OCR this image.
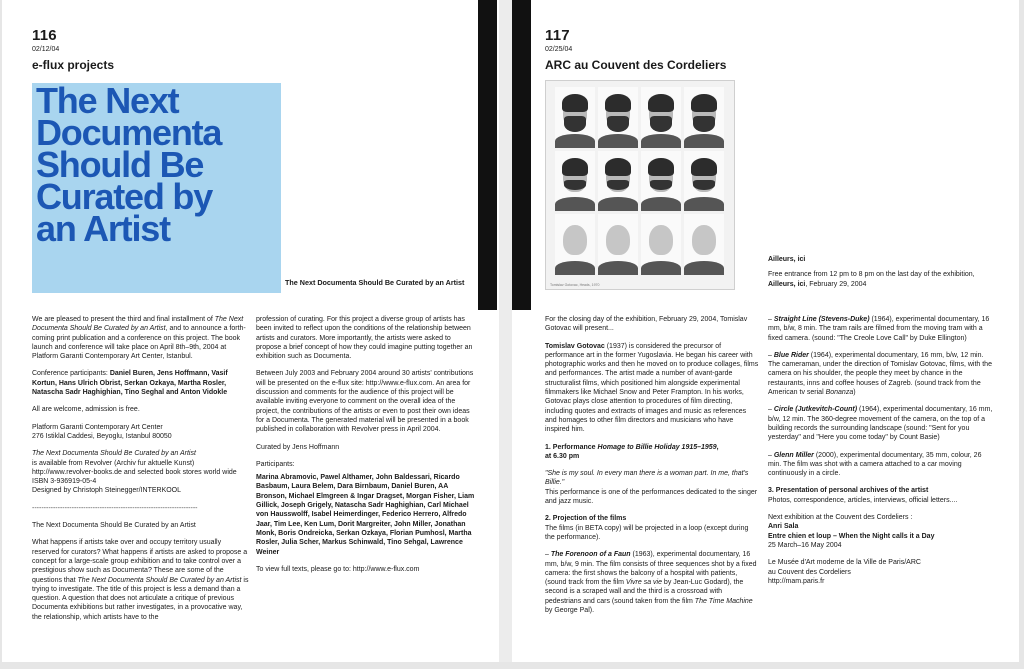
116
02/12/04
e-flux projects
The Next
Documenta
Should Be
Curated by
an Artist
The Next Documenta Should Be Curated by an Artist

We are pleased to present the third and final installment of The Next Documenta Should Be Curated by an Artist, and to announce a forth-coming print publication and a conference on this project. The book launch and conference will take place on April 8th–9th, 2004 at Platform Garanti Contemporary Art Center, Istanbul.

Conference participants: Daniel Buren, Jens Hoffmann, Vasif Kortun, Hans Ulrich Obrist, Serkan Ozkaya, Martha Rosler, Natascha Sadr Haghighian, Tino Seghal and Anton Vidokle

All are welcome, admission is free.

Platform Garanti Contemporary Art Center
276 Istiklal Caddesi, Beyoglu, Istanbul 80050

The Next Documenta Should Be Curated by an Artist
is available from Revolver (Archiv fur aktuelle Kunst)
http://www.revolver-books.de and selected book stores world wide
ISBN 3-936919-05-4
Designed by Christoph Steinegger/INTERKOOL

-----------------------------------------------------------------------

The Next Documenta Should Be Curated by an Artist

What happens if artists take over and occupy territory usually reserved for curators? What happens if artists are asked to propose a concept for a large-scale group exhibition and to take control over a prestigious show such as Documenta? These are some of the questions that The Next Documenta Should Be Curated by an Artist is trying to investigate. The title of this project is less a demand than a question. A question that does not articulate a critique of previous Documenta exhibitions but rather investigates, in a provocative way, the relationship, which artists have to the

profession of curating. For this project a diverse group of artists has been invited to reflect upon the conditions of the relationship between artists and curators. More importantly, the artists were asked to propose a brief concept of how they could imagine putting together an exhibition such as Documenta.

Between July 2003 and February 2004 around 30 artists' contributions will be presented on the e-flux site: http://www.e-flux.com. An area for discussion and comments for the audience of this project will be available inviting everyone to comment on the overall idea of the project, the contributions of the artists or even to post their own ideas for a Documenta. The generated material will be presented in a book published in collaboration with Revolver press in April 2004.

Curated by Jens Hoffmann

Participants:

Marina Abramovic, Pawel Althamer, John Baldessari, Ricardo Basbaum, Laura Belem, Dara Birnbaum, Daniel Buren, AA Bronson, Michael Elmgreen & Ingar Dragset, Morgan Fisher, Liam Gillick, Joseph Grigely, Natascha Sadr Haghighian, Carl Michael von Hausswolff, Isabel Heimerdinger, Federico Herrero, Alfredo Jaar, Tim Lee, Ken Lum, Dorit Margreiter, John Miller, Jonathan Monk, Boris Ondreicka, Serkan Ozkaya, Florian Pumhosl, Martha Rosler, Julia Scher, Markus Schinwald, Tino Sehgal, Lawrence Weiner

To view full texts, please go to: http://www.e-flux.com

117
02/25/04
ARC au Couvent des Cordeliers
Tomislav Gotovac, Heads, 1970

Ailleurs, ici

Free entrance from 12 pm to 8 pm on the last day of the exhibition, Ailleurs, ici, February 29, 2004

For the closing day of the exhibition, February 29, 2004, Tomislav Gotovac will present...

Tomislav Gotovac (1937) is considered the precursor of performance art in the former Yugoslavia. He began his career with photographic works and then he moved on to produce collages, films and performances. The artist made a number of avant-garde structuralist films, which positioned him alongside experimental filmmakers like Michael Snow and Peter Frampton. In his works, Gotovac plays close attention to procedures of film directing, including quotes and extracts of images and music as references and homages to other film directors and musicians who have inspired him.

1. Performance Homage to Billie Holiday 1915–1959,
at 6.30 pm

"She is my soul. In every man there is a woman part. In me, that's Billie."
This performance is one of the performances dedicated to the singer and jazz music.

2. Projection of the films
The films (in BETA copy) will be projected in a loop (except during the performance).

– The Forenoon of a Faun (1963), experimental documentary, 16 mm, b/w, 9 min. The film consists of three sequences shot by a fixed camera: the first shows the balcony of a hospital with patients, (sound track from the film Vivre sa vie by Jean-Luc Godard), the second is a scraped wall and the third is a crossroad with pedestrians and cars (sound taken from the film The Time Machine by George Pal).

– Straight Line (Stevens-Duke) (1964), experimental documentary, 16 mm, b/w, 8 min. The tram rails are filmed from the moving tram with a fixed camera. (sound: "The Creole Love Call" by Duke Ellington)

– Blue Rider (1964), experimental documentary, 16 mm, b/w, 12 min. The cameraman, under the direction of Tomislav Gotovac, films, with the camera on his shoulder, the people they meet by chance in the restaurants, inns and coffee houses of Zagreb. (sound track from the American tv serial Bonanza)

– Circle (Jutkevitch-Count) (1964), experimental documentary, 16 mm, b/w, 12 min. The 360-degree movement of the camera, on the top of a building records the surrounding landscape (sound: "Sent for you yesterday" and "Here you come today" by Count Basie)

– Glenn Miller (2000), experimental documentary, 35 mm, colour, 26 min. The film was shot with a camera attached to a car moving continuously in a circle.

3. Presentation of personal archives of the artist
Photos, correspondence, articles, interviews, official letters....

Next exhibition at the Couvent des Cordeliers :
Anri Sala
Entre chien et loup – When the Night calls it a Day
25 March–16 May 2004

Le Musée d'Art moderne de la Ville de Paris/ARC
au Couvent des Cordeliers
http://mam.paris.fr
